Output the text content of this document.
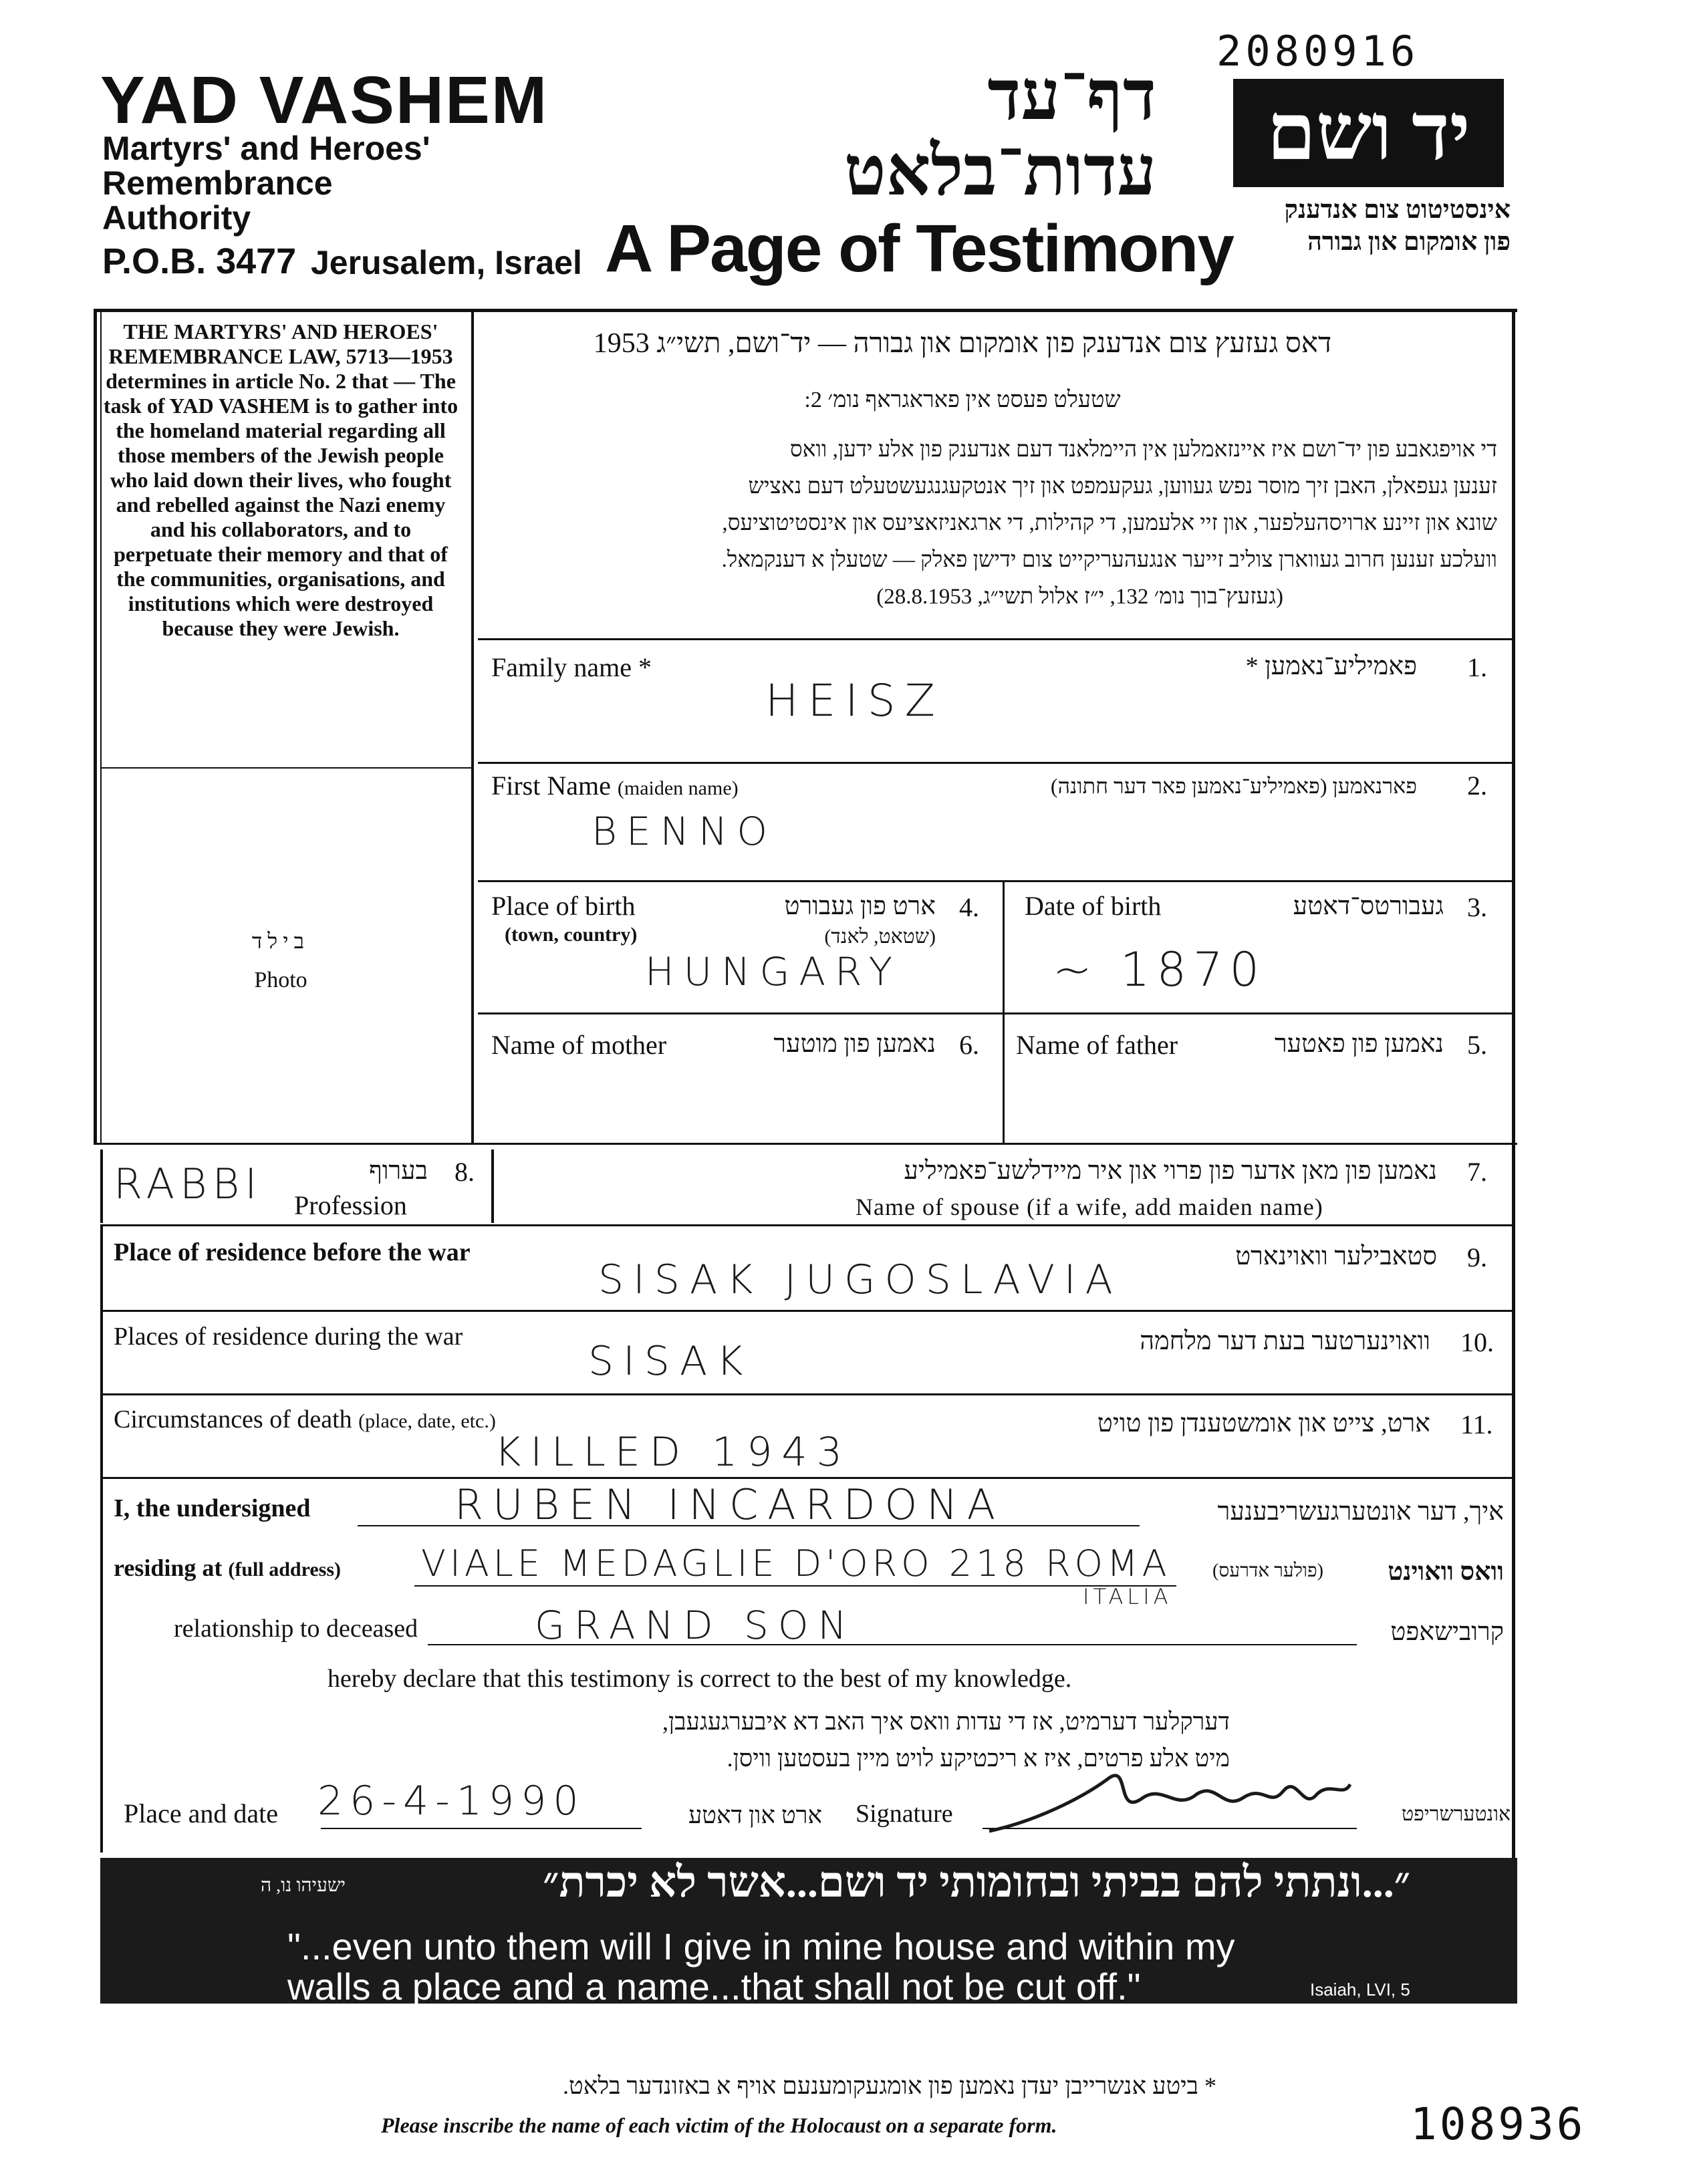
2080916
YAD VASHEM
Martyrs' and Heroes'
Remembrance
Authority
P.O.B. 3477 Jerusalem, Israel
דף־עד
עדות־בלאט
A Page of Testimony
יד ושם
אינסטיטוט צום אנדענק
פון אומקום און גבורה
THE MARTYRS' AND HEROES' REMEMBRANCE LAW, 5713—1953 determines in article No. 2 that — The task of YAD VASHEM is to gather into the homeland material regarding all those members of the Jewish people who laid down their lives, who fought and rebelled against the Nazi enemy and his collaborators, and to perpetuate their memory and that of the communities, organisations, and institutions which were destroyed because they were Jewish.
בילד
Photo
דאס געזעץ צום אנדענק פון אומקום און גבורה — יד־ושם, תשי״ג 1953
שטעלט פעסט אין פאראגראף נומ׳ 2:
די אויפגאבע פון יד־ושם איז איינזאמלען אין היימלאנד דעם אנדענק פון אלע ידען, וואס
זענען געפאלן, האבן זיך מוסר נפש געווען, געקעמפט און זיך אנטקעגנגעשטעלט דעם נאציש
שונא און זיינע ארויסהעלפער, און זיי אלעמען, די קהילות, די ארגאניזאציעס און אינסטיטוציעס,
וועלכע זענען חרוב געווארן צוליב זייער אנגעהעריקייט צום ידישן פאלק — שטעלן א דענקמאל.
(געזעץ־בוך נומ׳ 132, י״ז אלול תשי״ג, 28.8.1953)
Family name *	פאמיליע־נאמען * 1.
HEISZ
First Name (maiden name)	פארנאמען (פאמיליע־נאמען פאר דער חתונה) 2.
BENNO
Place of birth
(town, country)
ארט פון געבורט
(שטאט, לאנד)
4.
HUNGARY
Date of birth	געבורטס־דאטע 3.
~ 1870
Name of mother	נאמען פון מוטער 6. Name of father	נאמען פון פאטער 5.
RABBI	בערוף 8.
Profession
נאמען פון מאן אדער פון פרוי און איר מיידלשע־פאמיליע 7.
Name of spouse (if a wife, add maiden name)
Place of residence before the war	סטאבילער וואוינארט 9.
SISAK JUGOSLAVIA
Places of residence during the war	וואוינערטער בעת דער מלחמה 10.
SISAK
Circumstances of death (place, date, etc.)	ארט, צייט און אומשטענדן פון טויט 11.
KILLED 1943
I, the undersigned	RUBEN INCARDONA	איך, דער אונטערגעשריבענער
residing at (full address) VIALE MEDAGLIE D'ORO 218 ROMA
ITALIA
(פולער אדרעס)	וואס וואוינט
relationship to deceased	GRAND SON	קרובישאפט
hereby declare that this testimony is correct to the best of my knowledge.
דערקלער דערמיט, אז די עדות וואס איך האב דא איבערגעגעבן,
מיט אלע פרטים, איז א ריכטיקע לויט מיין בעסטען וויסן.
Place and date 26-4-1990	ארט און דאטע Signature	אונטערשריפט
״...ונתתי להם בביתי ובחומותי יד ושם...אשר לא יכרת״
ישעיהו נו, ה
"...even unto them will I give in mine house and within my
walls a place and a name...that shall not be cut off."	Isaiah, LVI, 5
* ביטע אנשרייבן יעדן נאמען פון אומגעקומענעם אויף א באזונדער בלאט.
Please inscribe the name of each victim of the Holocaust on a separate form.	108936
